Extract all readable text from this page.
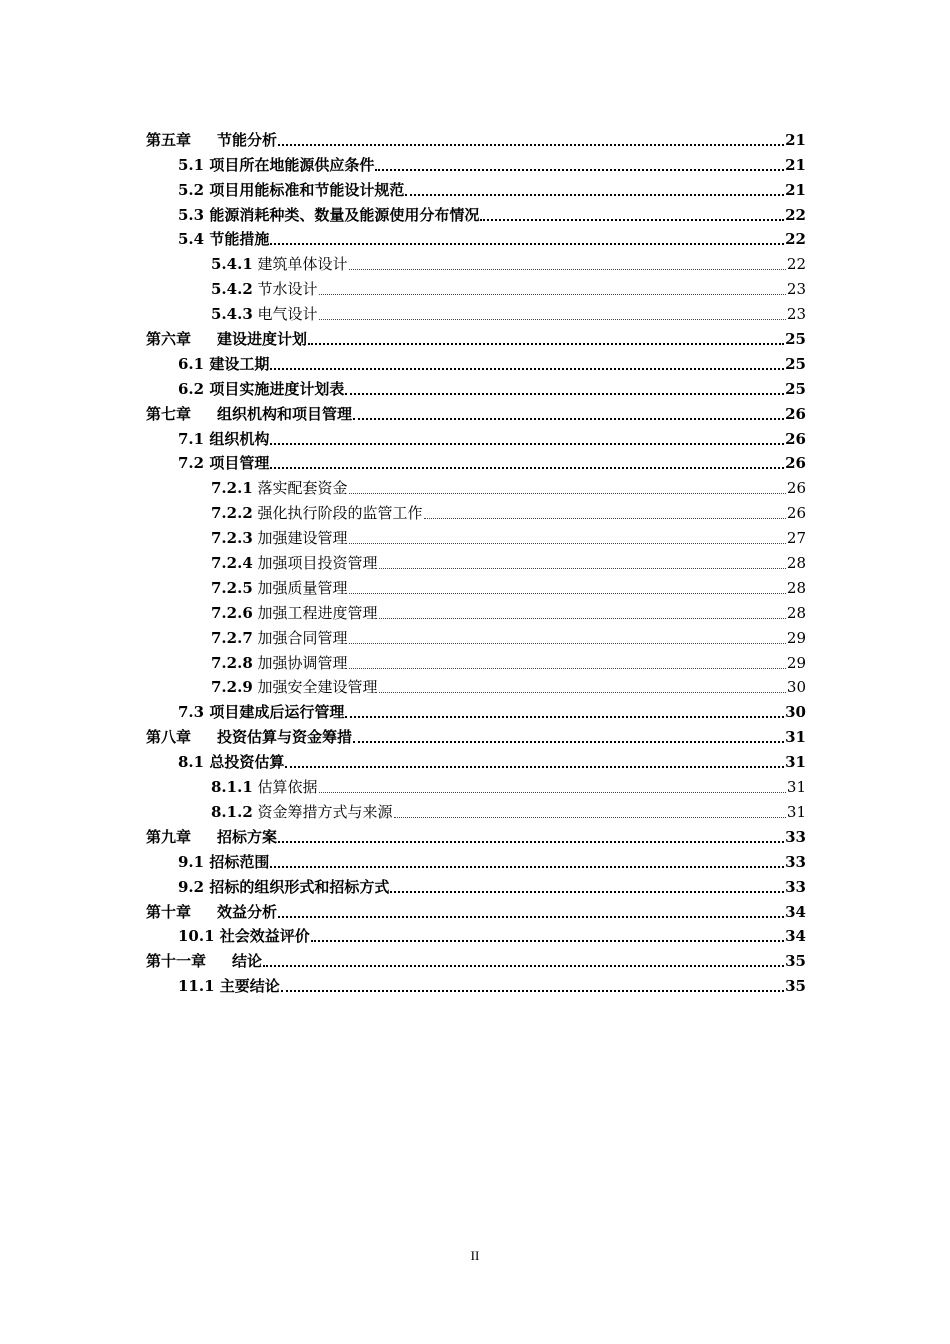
第五章 节能分析	21
5.1 项目所在地能源供应条件	21
5.2 项目用能标准和节能设计规范	21
5.3 能源消耗种类、数量及能源使用分布情况	22
5.4 节能措施	22
5.4.1 建筑单体设计	22
5.4.2 节水设计	23
5.4.3 电气设计	23
第六章 建设进度计划	25
6.1 建设工期	25
6.2 项目实施进度计划表	25
第七章 组织机构和项目管理	26
7.1 组织机构	26
7.2 项目管理	26
7.2.1 落实配套资金	26
7.2.2 强化执行阶段的监管工作	26
7.2.3 加强建设管理	27
7.2.4 加强项目投资管理	28
7.2.5 加强质量管理	28
7.2.6 加强工程进度管理	28
7.2.7 加强合同管理	29
7.2.8 加强协调管理	29
7.2.9 加强安全建设管理	30
7.3 项目建成后运行管理	30
第八章 投资估算与资金筹措	31
8.1 总投资估算	31
8.1.1 估算依据	31
8.1.2 资金筹措方式与来源	31
第九章 招标方案	33
9.1 招标范围	33
9.2 招标的组织形式和招标方式	33
第十章 效益分析	34
10.1 社会效益评价	34
第十一章 结论	35
11.1 主要结论	35
II
